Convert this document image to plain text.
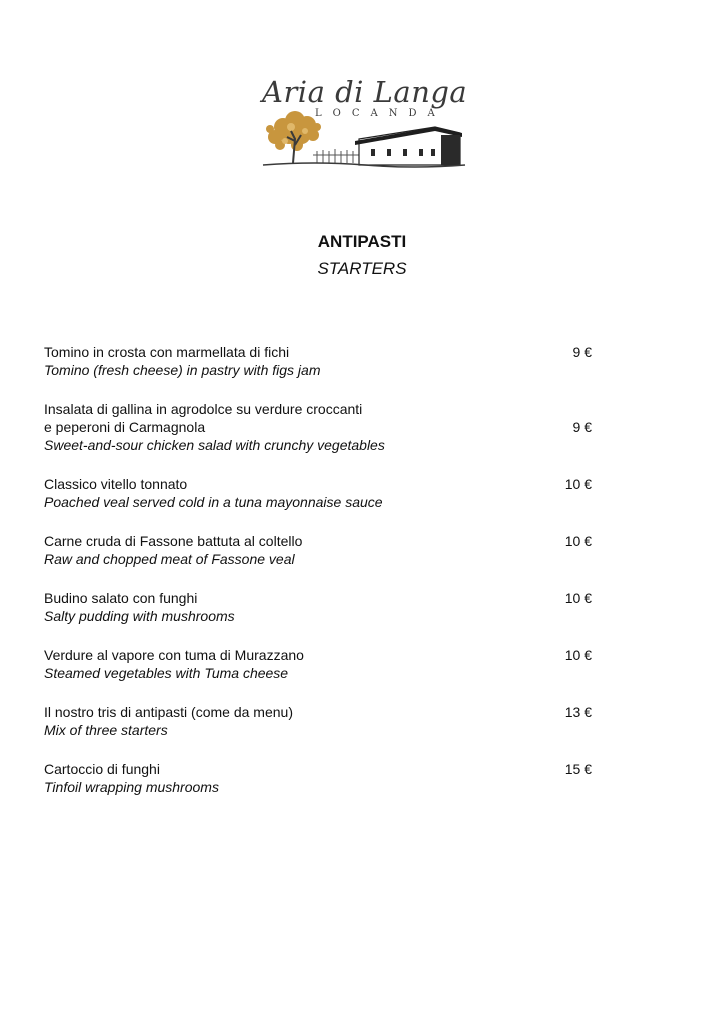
Aria di Langa
LOCANDA
ANTIPASTI
STARTERS
Tomino in crosta con marmellata di fichi
Tomino (fresh cheese) in pastry with figs jam
9 €
Insalata di gallina in agrodolce su verdure croccanti
e peperoni di Carmagnola
Sweet-and-sour chicken salad with crunchy vegetables
9 €
Classico vitello tonnato
Poached veal served cold in a tuna mayonnaise sauce
10 €
Carne cruda di Fassone battuta al coltello
Raw and chopped meat of Fassone veal
10 €
Budino salato con funghi
Salty pudding with mushrooms
10 €
Verdure al vapore con tuma di Murazzano
Steamed vegetables with Tuma cheese
10 €
Il nostro tris di antipasti (come da menu)
Mix of three starters
13 €
Cartoccio di funghi
Tinfoil wrapping mushrooms
15 €
